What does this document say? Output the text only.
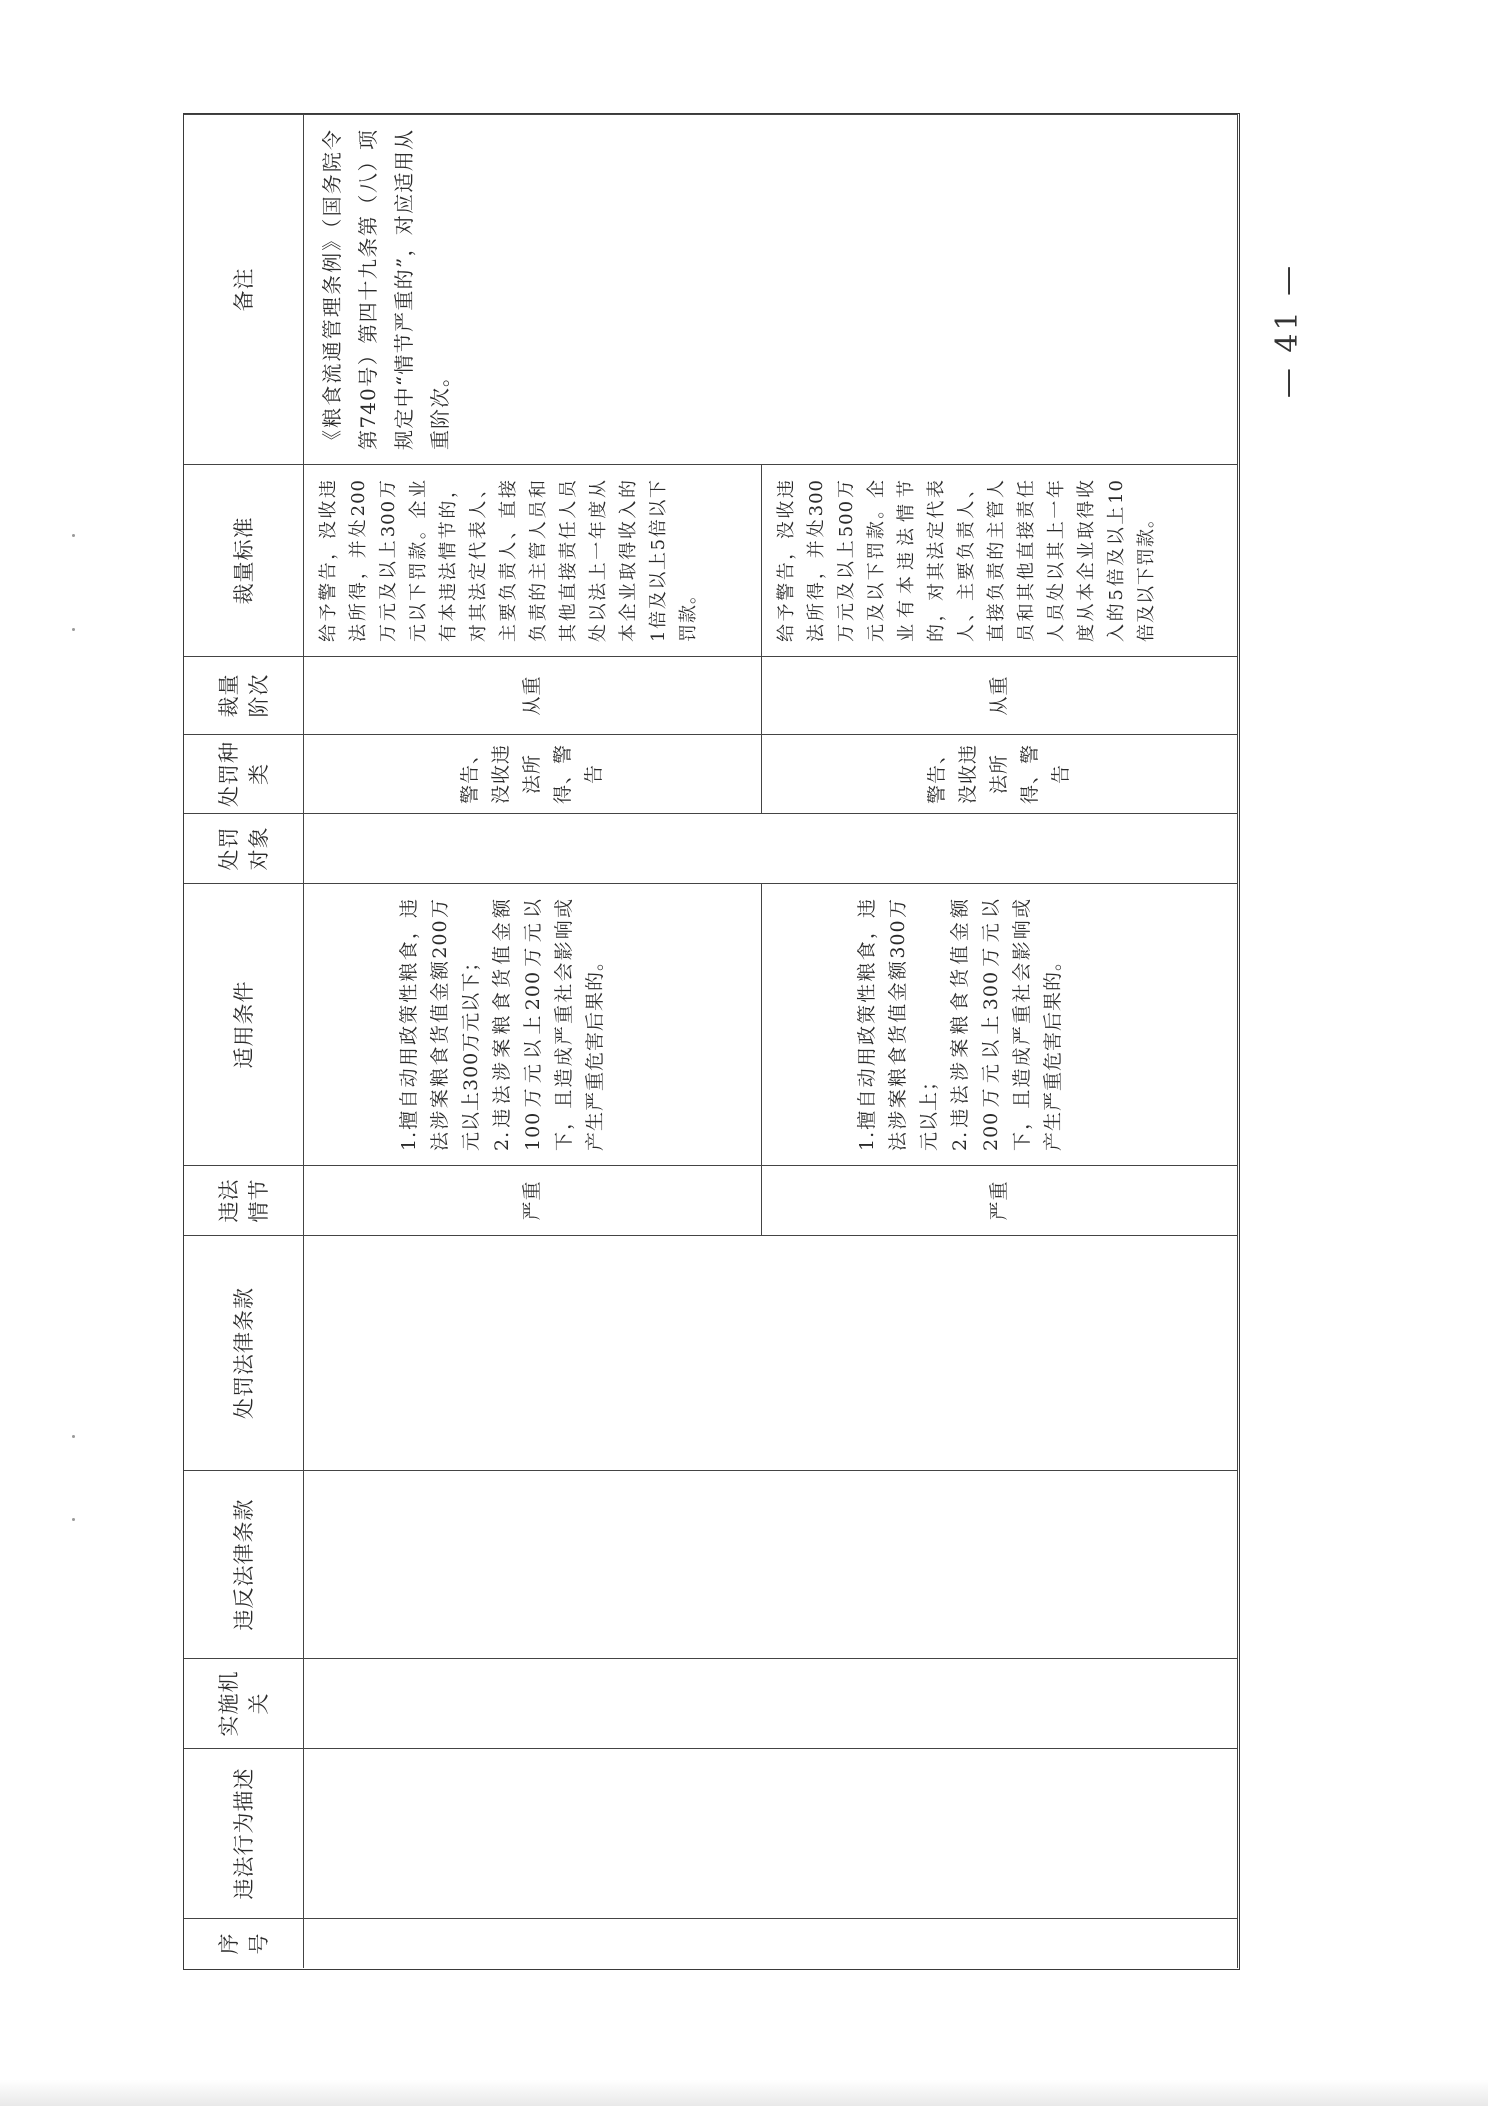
序号
违法行为描述
实施机关
违反法律条款
处罚法律条款
违法情节
适用条件
处罚对象
处罚种类
裁量阶次
裁量标准
备注	《粮食流通管理条例》（国务院令第740号）第四十九条第（八）项规定中“情节严重的”，对应适用从重阶次。
严重
1.擅自动用政策性粮食，违法涉案粮食货值金额200万元以上300万元以下；
2.违法涉案粮食货值金额100万元以上200万元以下，且造成严重社会影响或产生严重危害后果的。
警告、没收违法所得、警告
从重
给予警告，没收违法所得，并处200万元及以上300万元以下罚款。企业有本违法情节的，对其法定代表人、主要负责人、直接负责的主管人员和其他直接责任人员处以法上一年度从本企业取得收入的1倍及以上5倍以下罚款。
严重
1.擅自动用政策性粮食，违法涉案粮食货值金额300万元以上；
2.违法涉案粮食货值金额200万元以上300万元以下，且造成严重社会影响或产生严重危害后果的。
警告、没收违法所得、警告
从重
给予警告，没收违法所得，并处300万元及以上500万元及以下罚款。企业有本违法情节的，对其法定代表人、主要负责人、直接负责的主管人员和其他直接责任人员处以其上一年度从本企业取得收入的5倍及以上10倍及以下罚款。
— 41 —
